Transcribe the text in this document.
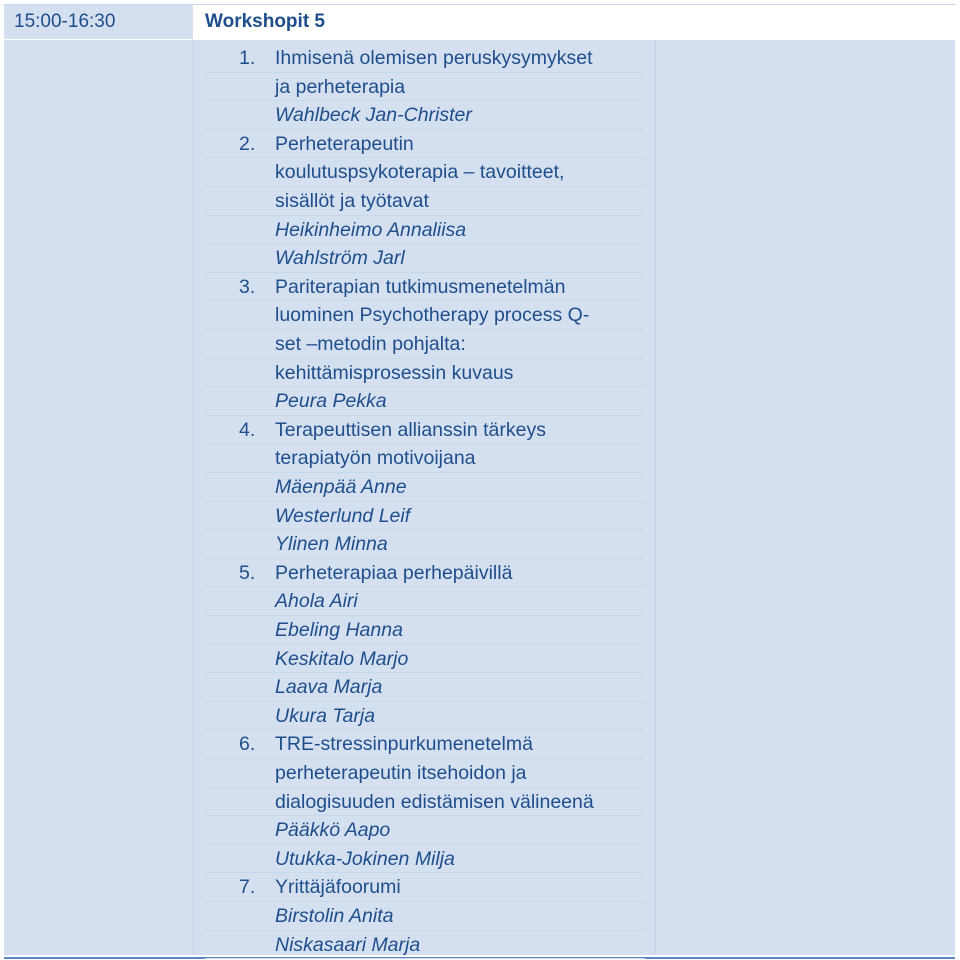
15:00-16:30	Workshopit 5
1. Ihmisenä olemisen peruskysymykset
ja perheterapia
Wahlbeck Jan-Christer
2. Perheterapeutin
koulutuspsykoterapia – tavoitteet,
sisällöt ja työtavat
Heikinheimo Annaliisa
Wahlström Jarl
3. Pariterapian tutkimusmenetelmän
luominen Psychotherapy process Q-
set –metodin pohjalta:
kehittämisprosessin kuvaus
Peura Pekka
4. Terapeuttisen allianssin tärkeys
terapiatyön motivoijana
Mäenpää Anne
Westerlund Leif
Ylinen Minna
5. Perheterapiaa perhepäivillä
Ahola Airi
Ebeling Hanna
Keskitalo Marjo
Laava Marja
Ukura Tarja
6. TRE-stressinpurkumenetelmä
perheterapeutin itsehoidon ja
dialogisuuden edistämisen välineenä
Pääkkö Aapo
Utukka-Jokinen Milja
7. Yrittäjäfoorumi
Birstolin Anita
Niskasaari Marja
